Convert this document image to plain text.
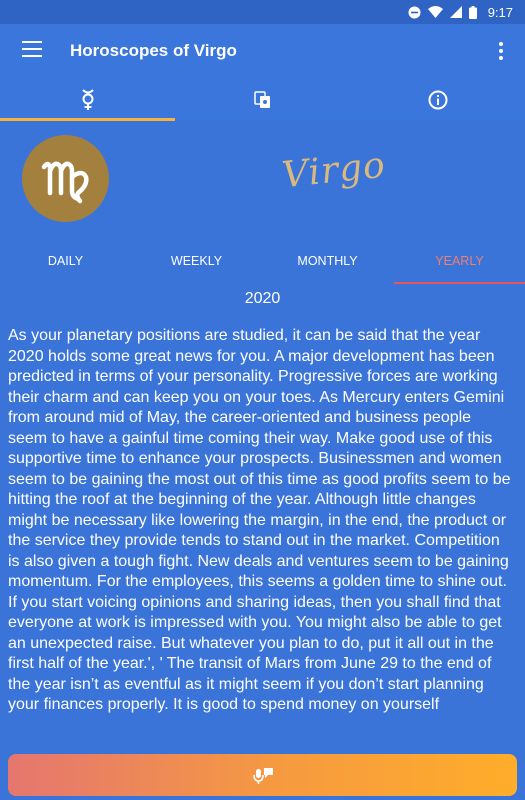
9:17
Horoscopes of Virgo
Virgo
DAILY	WEEKLY	MONTHLY	YEARLY
2020
As your planetary positions are studied, it can be said that the year 2020 holds some great news for you. A major development has been predicted in terms of your personality. Progressive forces are working their charm and can keep you on your toes. As Mercury enters Gemini from around mid of May, the career-oriented and business people seem to have a gainful time coming their way. Make good use of this supportive time to enhance your prospects. Businessmen and women seem to be gaining the most out of this time as good profits seem to be hitting the roof at the beginning of the year. Although little changes might be necessary like lowering the margin, in the end, the product or the service they provide tends to stand out in the market. Competition is also given a tough fight. New deals and ventures seem to be gaining momentum. For the employees, this seems a golden time to shine out. If you start voicing opinions and sharing ideas, then you shall find that everyone at work is impressed with you. You might also be able to get an unexpected raise. But whatever you plan to do, put it all out in the first half of the year.', ' The transit of Mars from June 29 to the end of the year isn’t as eventful as it might seem if you don’t start planning your finances properly. It is good to spend money on yourself
